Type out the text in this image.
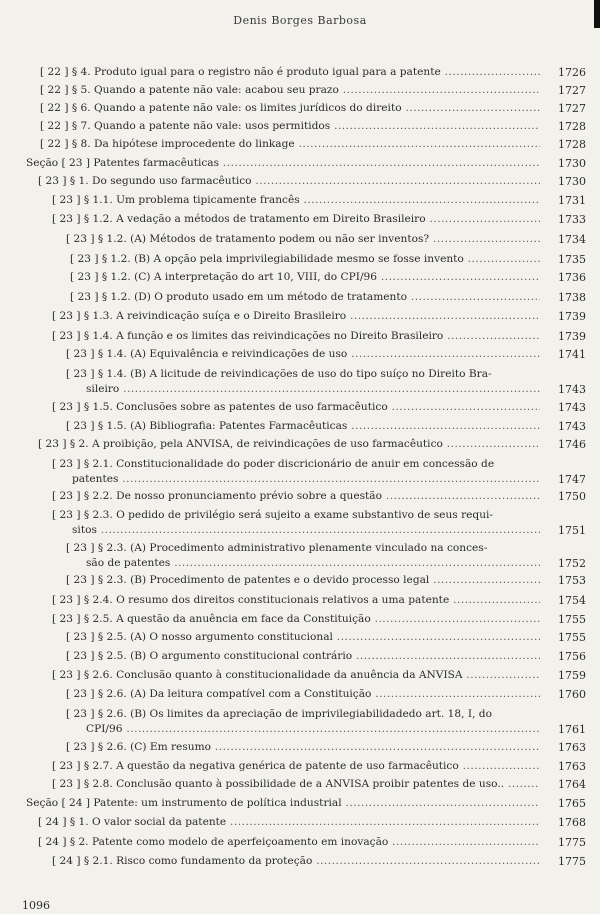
Denis Borges Barbosa
[ 22 ] § 4. Produto igual para o registro não é produto igual para a patente .....	1726
[ 22 ] § 5. Quando a patente não vale: acabou seu prazo .....	1727
[ 22 ] § 6. Quando a patente não vale: os limites jurídicos do direito .....	1727
[ 22 ] § 7. Quando a patente não vale: usos permitidos .....	1728
[ 22 ] § 8. Da hipótese improcedente do linkage .....	1728
Seção [ 23 ] Patentes farmacêuticas .....	1730
[ 23 ] § 1. Do segundo uso farmacêutico .....	1730
[ 23 ] § 1.1. Um problema tipicamente francês .....	1731
[ 23 ] § 1.2. A vedação a métodos de tratamento em Direito Brasileiro .....	1733
[ 23 ] § 1.2. (A) Métodos de tratamento podem ou não ser inventos? .....	1734
[ 23 ] § 1.2. (B) A opção pela imprivilegiabilidade mesmo se fosse invento .....	1735
[ 23 ] § 1.2. (C) A interpretação do art 10, VIII, do CPI/96 .....	1736
[ 23 ] § 1.2. (D) O produto usado em um método de tratamento .....	1738
[ 23 ] § 1.3. A reivindicação suíça e o Direito Brasileiro .....	1739
[ 23 ] § 1.4. A função e os limites das reivindicações no Direito Brasileiro .....	1739
[ 23 ] § 1.4. (A) Equivalência e reivindicações de uso .....	1741
[ 23 ] § 1.4. (B) A licitude de reivindicações de uso do tipo suíço no Direito Bra-
sileiro .....	1743
[ 23 ] § 1.5. Conclusões sobre as patentes de uso farmacêutico .....	1743
[ 23 ] § 1.5. (A) Bibliografia: Patentes Farmacêuticas .....	1743
[ 23 ] § 2. A proibição, pela ANVISA, de reivindicações de uso farmacêutico .....	1746
[ 23 ] § 2.1. Constitucionalidade do poder discricionário de anuir em concessão de
patentes .....	1747
[ 23 ] § 2.2. De nosso pronunciamento prévio sobre a questão .....	1750
[ 23 ] § 2.3. O pedido de privilégio será sujeito a exame substantivo de seus requi-
sitos .....	1751
[ 23 ] § 2.3. (A) Procedimento administrativo plenamente vinculado na conces-
são de patentes .....	1752
[ 23 ] § 2.3. (B) Procedimento de patentes e o devido processo legal .....	1753
[ 23 ] § 2.4. O resumo dos direitos constitucionais relativos a uma patente .....	1754
[ 23 ] § 2.5. A questão da anuência em face da Constituição .....	1755
[ 23 ] § 2.5. (A) O nosso argumento constitucional .....	1755
[ 23 ] § 2.5. (B) O argumento constitucional contrário .....	1756
[ 23 ] § 2.6. Conclusão quanto à constitucionalidade da anuência da ANVISA .....	1759
[ 23 ] § 2.6. (A) Da leitura compatível com a Constituição .....	1760
[ 23 ] § 2.6. (B) Os limites da apreciação de imprivilegiabilidadedo art. 18, I, do
CPI/96 .....	1761
[ 23 ] § 2.6. (C) Em resumo .....	1763
[ 23 ] § 2.7. A questão da negativa genérica de patente de uso farmacêutico .....	1763
[ 23 ] § 2.8. Conclusão quanto à possibilidade de a ANVISA proibir patentes de uso.. .....	1764
Seção [ 24 ] Patente: um instrumento de política industrial .....	1765
[ 24 ] § 1. O valor social da patente .....	1768
[ 24 ] § 2. Patente como modelo de aperfeiçoamento em inovação .....	1775
[ 24 ] § 2.1. Risco como fundamento da proteção .....	1775
1096
